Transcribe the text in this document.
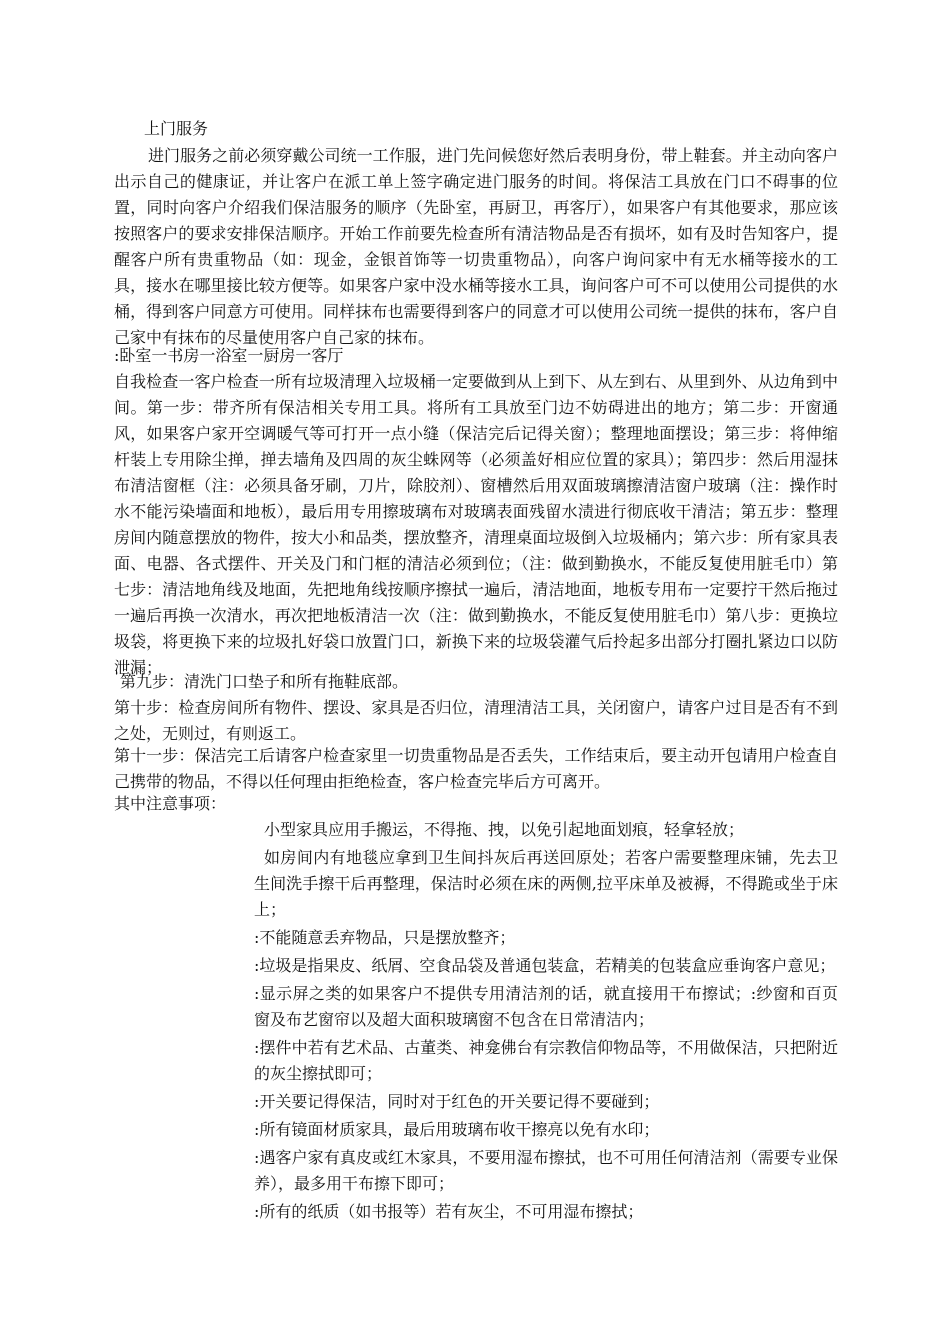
上门服务

进门服务之前必须穿戴公司统一工作服，进门先问候您好然后表明身份，带上鞋套。并主动向客户出示自己的健康证，并让客户在派工单上签字确定进门服务的时间。将保洁工具放在门口不碍事的位置，同时向客户介绍我们保洁服务的顺序（先卧室，再厨卫，再客厅），如果客户有其他要求，那应该按照客户的要求安排保洁顺序。开始工作前要先检查所有清洁物品是否有损坏，如有及时告知客户，提醒客户所有贵重物品（如：现金，金银首饰等一切贵重物品），向客户询问家中有无水桶等接水的工具，接水在哪里接比较方便等。如果客户家中没水桶等接水工具，询问客户可不可以使用公司提供的水桶，得到客户同意方可使用。同样抹布也需要得到客户的同意才可以使用公司统一提供的抹布，客户自己家中有抹布的尽量使用客户自己家的抹布。

:卧室一书房一浴室一厨房一客厅

自我检查一客户检查一所有垃圾清理入垃圾桶一定要做到从上到下、从左到右、从里到外、从边角到中间。第一步：带齐所有保洁相关专用工具。将所有工具放至门边不妨碍进出的地方；第二步：开窗通风，如果客户家开空调暖气等可打开一点小缝（保洁完后记得关窗）；整理地面摆设；第三步：将伸缩杆装上专用除尘掸，掸去墙角及四周的灰尘蛛网等（必须盖好相应位置的家具）；第四步：然后用湿抹布清洁窗框（注：必须具备牙刷，刀片，除胶剂）、窗槽然后用双面玻璃擦清洁窗户玻璃（注：操作时水不能污染墙面和地板），最后用专用擦玻璃布对玻璃表面残留水渍进行彻底收干清洁；第五步：整理房间内随意摆放的物件，按大小和品类，摆放整齐，清理桌面垃圾倒入垃圾桶内；第六步：所有家具表面、电器、各式摆件、开关及门和门框的清洁必须到位；（注：做到勤换水，不能反复使用脏毛巾）第七步：清洁地角线及地面，先把地角线按顺序擦拭一遍后，清洁地面，地板专用布一定要拧干然后拖过一遍后再换一次清水，再次把地板清洁一次（注：做到勤换水，不能反复使用脏毛巾）第八步：更换垃圾袋，将更换下来的垃圾扎好袋口放置门口，新换下来的垃圾袋灌气后拎起多出部分打圈扎紧边口以防泄漏；

第九步：清洗门口垫子和所有拖鞋底部。

第十步：检查房间所有物件、摆设、家具是否归位，清理清洁工具，关闭窗户，请客户过目是否有不到之处，无则过，有则返工。

第十一步：保洁完工后请客户检查家里一切贵重物品是否丢失，工作结束后，要主动开包请用户检查自己携带的物品，不得以任何理由拒绝检查，客户检查完毕后方可离开。

其中注意事项：

小型家具应用手搬运，不得拖、拽，以免引起地面划痕，轻拿轻放；
如房间内有地毯应拿到卫生间抖灰后再送回原处；若客户需要整理床铺，先去卫生间洗手擦干后再整理，保洁时必须在床的两侧,拉平床单及被褥，不得跪或坐于床上；
:不能随意丢弃物品，只是摆放整齐；
:垃圾是指果皮、纸屑、空食品袋及普通包装盒，若精美的包装盒应垂询客户意见；
:显示屏之类的如果客户不提供专用清洁剂的话，就直接用干布擦试；:纱窗和百页窗及布艺窗帘以及超大面积玻璃窗不包含在日常清洁内；
:摆件中若有艺术品、古董类、神龛佛台有宗教信仰物品等，不用做保洁，只把附近的灰尘擦拭即可；
:开关要记得保洁，同时对于红色的开关要记得不要碰到；
:所有镜面材质家具，最后用玻璃布收干擦亮以免有水印；
:遇客户家有真皮或红木家具，不要用湿布擦拭，也不可用任何清洁剂（需要专业保养），最多用干布擦下即可；
:所有的纸质（如书报等）若有灰尘，不可用湿布擦拭；
